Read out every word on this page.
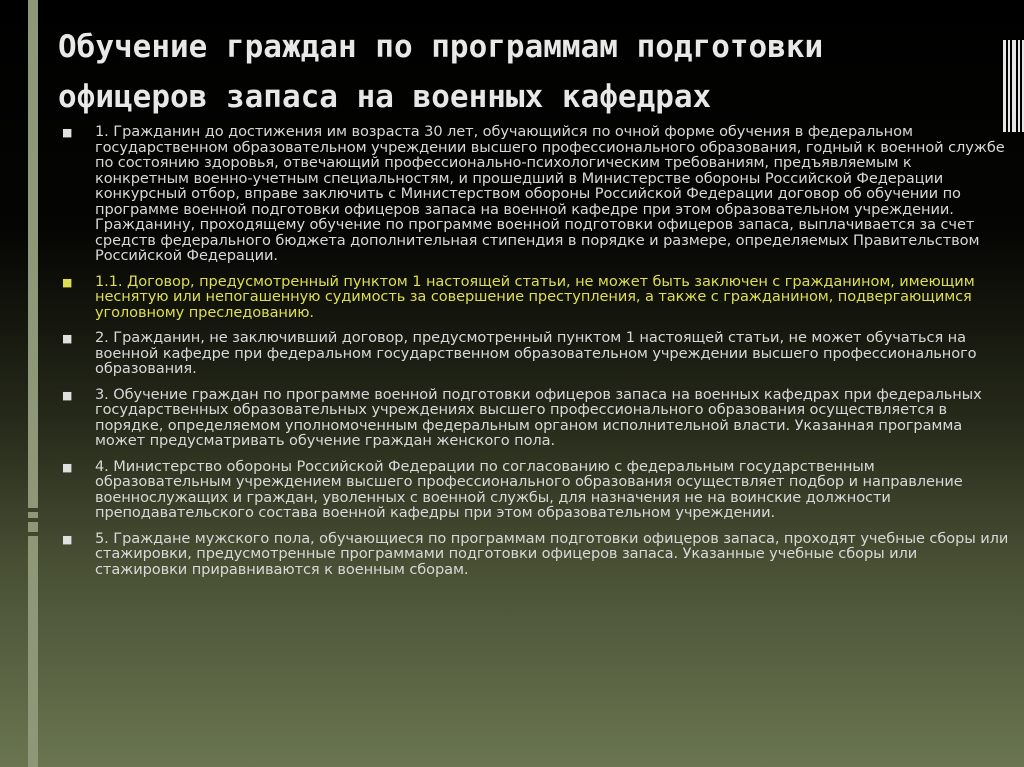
Обучение граждан по программам подготовки офицеров запаса на военных кафедрах
■ 1. Гражданин до достижения им возраста 30 лет, обучающийся по очной форме обучения в федеральном государственном образовательном учреждении высшего профессионального образования, годный к военной службе по состоянию здоровья, отвечающий профессионально-психологическим требованиям, предъявляемым к конкретным военно-учетным специальностям, и прошедший в Министерстве обороны Российской Федерации конкурсный отбор, вправе заключить с Министерством обороны Российской Федерации договор об обучении по программе военной подготовки офицеров запаса на военной кафедре при этом образовательном учреждении. Гражданину, проходящему обучение по программе военной подготовки офицеров запаса, выплачивается за счет средств федерального бюджета дополнительная стипендия в порядке и размере, определяемых Правительством Российской Федерации.
■ 1.1. Договор, предусмотренный пунктом 1 настоящей статьи, не может быть заключен с гражданином, имеющим неснятую или непогашенную судимость за совершение преступления, а также с гражданином, подвергающимся уголовному преследованию.
■ 2. Гражданин, не заключивший договор, предусмотренный пунктом 1 настоящей статьи, не может обучаться на военной кафедре при федеральном государственном образовательном учреждении высшего профессионального образования.
■ 3. Обучение граждан по программе военной подготовки офицеров запаса на военных кафедрах при федеральных государственных образовательных учреждениях высшего профессионального образования осуществляется в порядке, определяемом уполномоченным федеральным органом исполнительной власти. Указанная программа может предусматривать обучение граждан женского пола.
■ 4. Министерство обороны Российской Федерации по согласованию с федеральным государственным образовательным учреждением высшего профессионального образования осуществляет подбор и направление военнослужащих и граждан, уволенных с военной службы, для назначения не на воинские должности преподавательского состава военной кафедры при этом образовательном учреждении.
■ 5. Граждане мужского пола, обучающиеся по программам подготовки офицеров запаса, проходят учебные сборы или стажировки, предусмотренные программами подготовки офицеров запаса. Указанные учебные сборы или стажировки приравниваются к военным сборам.
